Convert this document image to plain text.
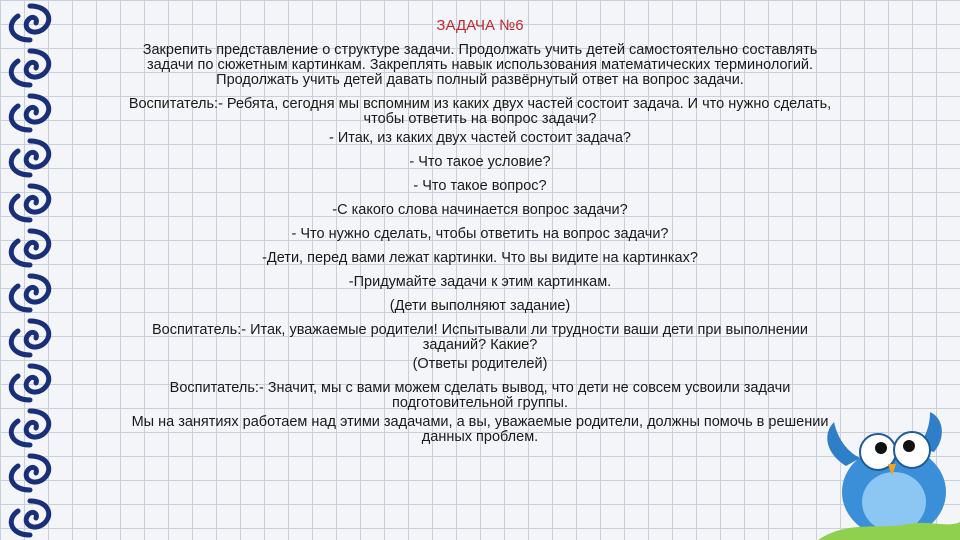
ЗАДАЧА №6
Закрепить представление о структуре задачи. Продолжать учить детей самостоятельно составлять задачи по сюжетным картинкам. Закреплять навык использования математических терминологий. Продолжать учить детей давать полный развёрнутый ответ на вопрос задачи.
Воспитатель:- Ребята, сегодня мы вспомним из каких двух частей состоит задача. И что нужно сделать, чтобы ответить на вопрос задачи?
- Итак, из каких двух частей состоит задача?
- Что такое условие?
- Что такое вопрос?
-С какого слова начинается вопрос задачи?
- Что нужно сделать, чтобы ответить на вопрос задачи?
-Дети, перед вами лежат картинки. Что вы видите на картинках?
-Придумайте задачи к этим картинкам.
(Дети выполняют задание)
Воспитатель:- Итак, уважаемые родители! Испытывали ли трудности ваши дети при выполнении заданий? Какие?
(Ответы родителей)
Воспитатель:- Значит, мы с вами можем сделать вывод, что дети не совсем усвоили задачи подготовительной группы.
Мы на занятиях работаем над этими задачами, а вы, уважаемые родители, должны помочь в решении данных проблем.
